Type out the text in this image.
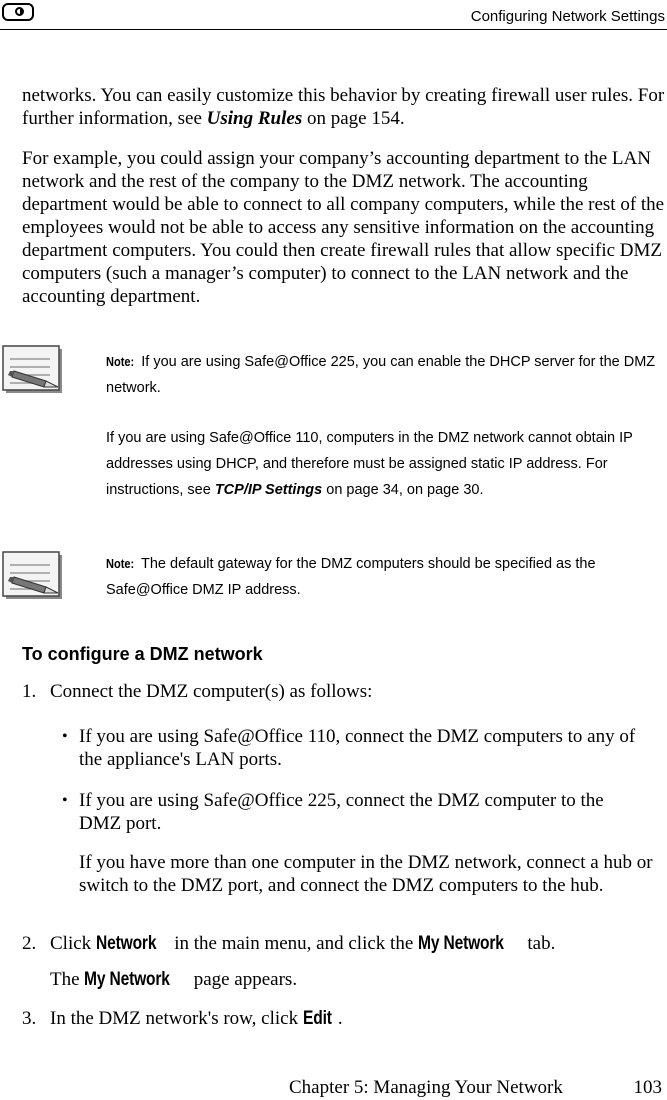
Configuring Network Settings
networks. You can easily customize this behavior by creating firewall user rules. For further information, see Using Rules on page 154.
For example, you could assign your company’s accounting department to the LAN network and the rest of the company to the DMZ network. The accounting department would be able to connect to all company computers, while the rest of the employees would not be able to access any sensitive information on the accounting department computers. You could then create firewall rules that allow specific DMZ computers (such a manager’s computer) to connect to the LAN network and the accounting department.
Note: If you are using Safe@Office 225, you can enable the DHCP server for the DMZ network.
If you are using Safe@Office 110, computers in the DMZ network cannot obtain IP addresses using DHCP, and therefore must be assigned static IP address. For instructions, see TCP/IP Settings on page 34, on page 30.
Note: The default gateway for the DMZ computers should be specified as the Safe@Office DMZ IP address.
To configure a DMZ network
1. Connect the DMZ computer(s) as follows:
• If you are using Safe@Office 110, connect the DMZ computers to any of the appliance's LAN ports.
• If you are using Safe@Office 225, connect the DMZ computer to the DMZ port.
If you have more than one computer in the DMZ network, connect a hub or switch to the DMZ port, and connect the DMZ computers to the hub.
2. Click Network in the main menu, and click the My Network tab.
The My Network page appears.
3. In the DMZ network's row, click Edit .
Chapter 5: Managing Your Network	103
